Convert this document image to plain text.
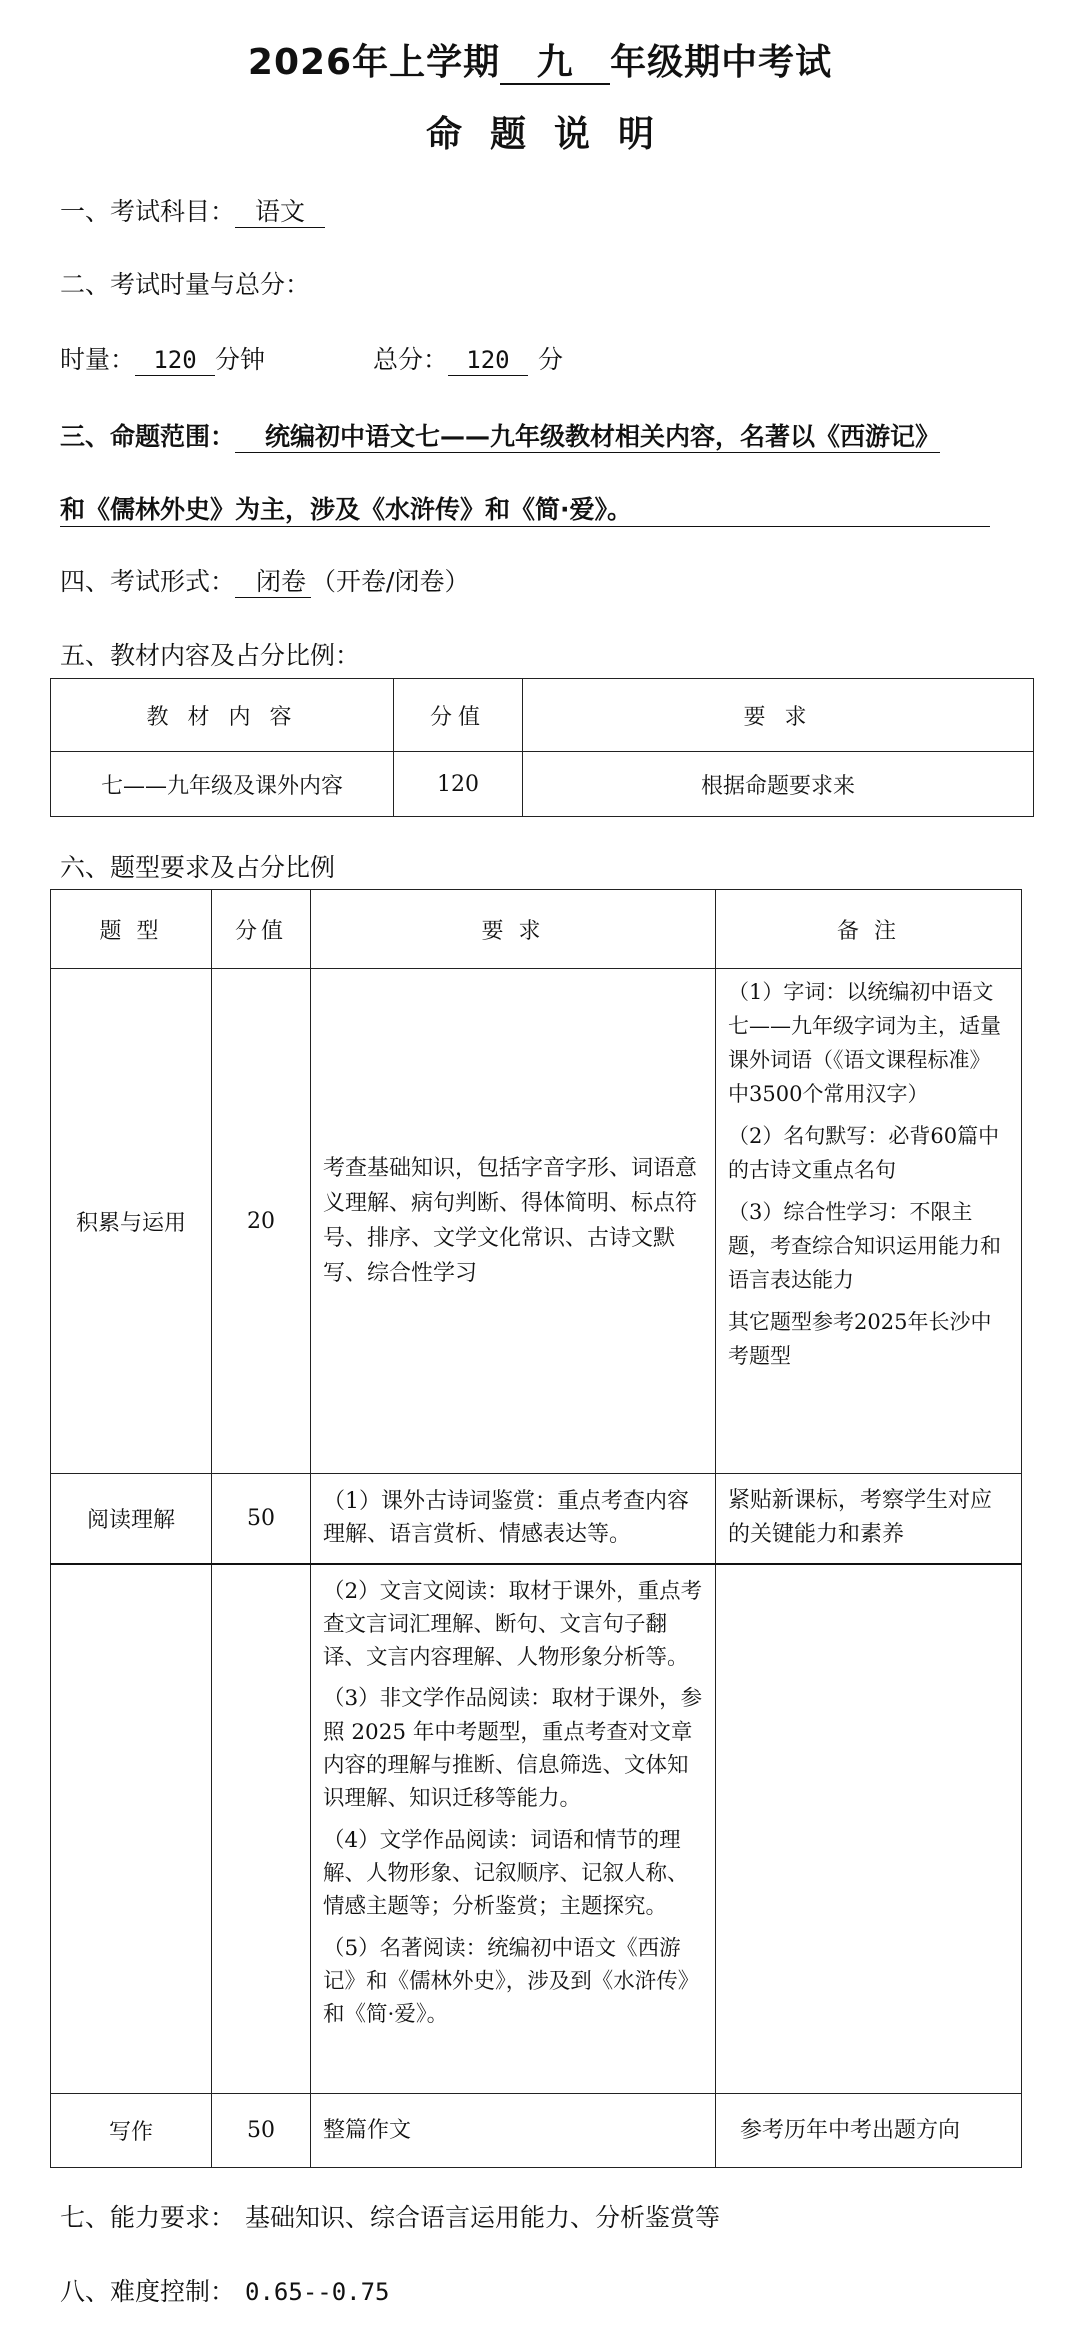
2026年上学期 九 年级期中考试
命题说明
一、考试科目： 语文
二、考试时量与总分：
时量： 120 分钟	总分： 120 分
三、命题范围： 统编初中语文七——九年级教材相关内容，名著以《西游记》
和《儒林外史》为主，涉及《水浒传》和《简·爱》。
四、考试形式： 闭卷 （开卷/闭卷）
五、教材内容及占分比例：
教 材 内 容	分值	要 求
七——九年级及课外内容	120	根据命题要求来
六、题型要求及占分比例
题 型	分值	要 求	备 注
积累与运用	20	考查基础知识，包括字音字形、词语意义理解、病句判断、得体简明、标点符号、排序、文学文化常识、古诗文默写、综合性学习	（1）字词：以统编初中语文七——九年级字词为主，适量课外词语（《语文课程标准》中3500个常用汉字）

（2）名句默写：必背60篇中的古诗文重点名句

（3）综合性学习：不限主题，考查综合知识运用能力和语言表达能力

其它题型参考2025年长沙中考题型

阅读理解	50	（1）课外古诗词鉴赏：重点考查内容理解、语言赏析、情感表达等。	紧贴新课标，考察学生对应的关键能力和素养

		（2）文言文阅读：取材于课外，重点考查文言词汇理解、断句、文言句子翻译、文言内容理解、人物形象分析等。

（3）非文学作品阅读：取材于课外，参照 2025 年中考题型，重点考查对文章内容的理解与推断、信息筛选、文体知识理解、知识迁移等能力。

（4）文学作品阅读：词语和情节的理解、人物形象、记叙顺序、记叙人称、情感主题等；分析鉴赏；主题探究。

（5）名著阅读：统编初中语文《西游记》和《儒林外史》，涉及到《水浒传》和《简·爱》。	

写作	50	整篇作文	参考历年中考出题方向
七、能力要求： 基础知识、综合语言运用能力、分析鉴赏等
八、难度控制： 0.65--0.75
